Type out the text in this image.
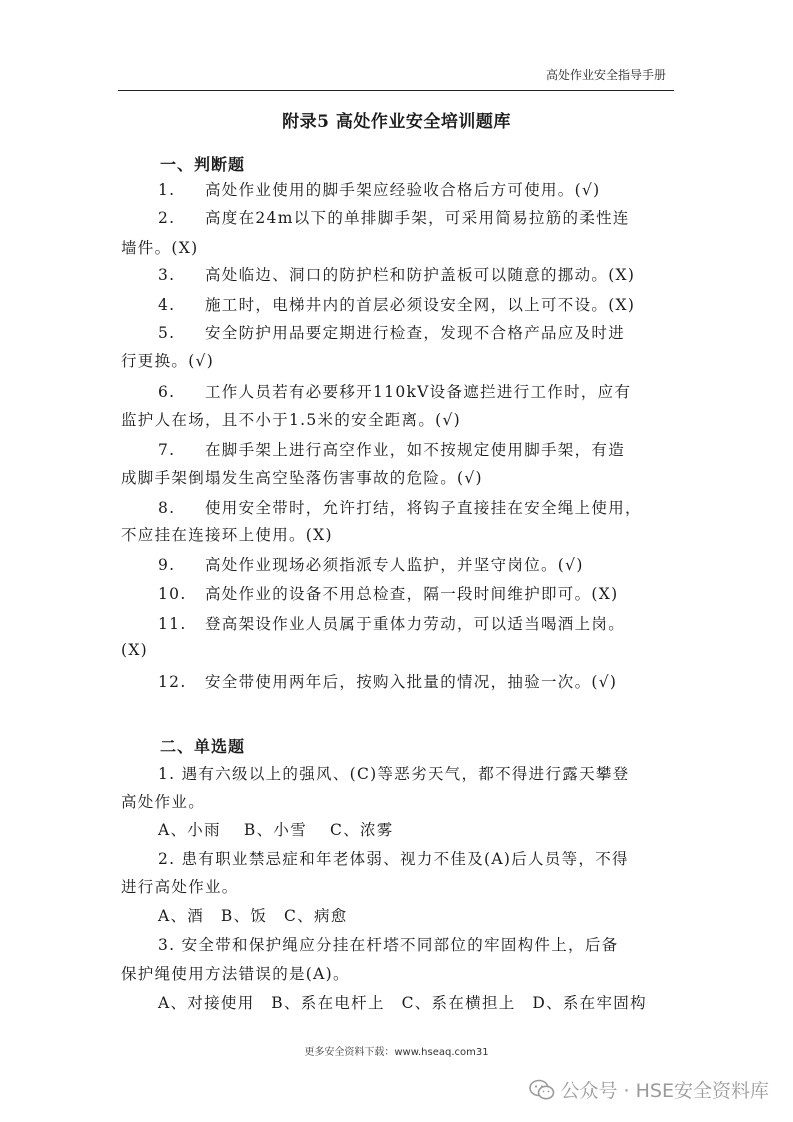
高处作业安全指导手册
附录5 高处作业安全培训题库
一、判断题
1. 高处作业使用的脚手架应经验收合格后方可使用。(√)
2. 高度在24m以下的单排脚手架，可采用简易拉筋的柔性连
墙件。(X)
3. 高处临边、洞口的防护栏和防护盖板可以随意的挪动。(X)
4. 施工时，电梯井内的首层必须设安全网，以上可不设。(X)
5. 安全防护用品要定期进行检查，发现不合格产品应及时进
行更换。(√)
6. 工作人员若有必要移开110kV设备遮拦进行工作时，应有
监护人在场，且不小于1.5米的安全距离。(√)
7. 在脚手架上进行高空作业，如不按规定使用脚手架，有造
成脚手架倒塌发生高空坠落伤害事故的危险。(√)
8. 使用安全带时，允许打结，将钩子直接挂在安全绳上使用，
不应挂在连接环上使用。(X)
9. 高处作业现场必须指派专人监护，并坚守岗位。(√)
10. 高处作业的设备不用总检查，隔一段时间维护即可。(X)
11. 登高架设作业人员属于重体力劳动，可以适当喝酒上岗。
(X)
12. 安全带使用两年后，按购入批量的情况，抽验一次。(√)
二、单选题
1. 遇有六级以上的强风、(C)等恶劣天气，都不得进行露天攀登
高处作业。
A、小雨　 B、小雪　 C、浓雾
2. 患有职业禁忌症和年老体弱、视力不佳及(A)后人员等，不得
进行高处作业。
A、酒　B、饭　C、病愈
3. 安全带和保护绳应分挂在杆塔不同部位的牢固构件上，后备
保护绳使用方法错误的是(A)。
A、对接使用　B、系在电杆上　C、系在横担上　D、系在牢固构
更多安全资料下载：www.hseaq.com31
公众号 · HSE安全资料库
